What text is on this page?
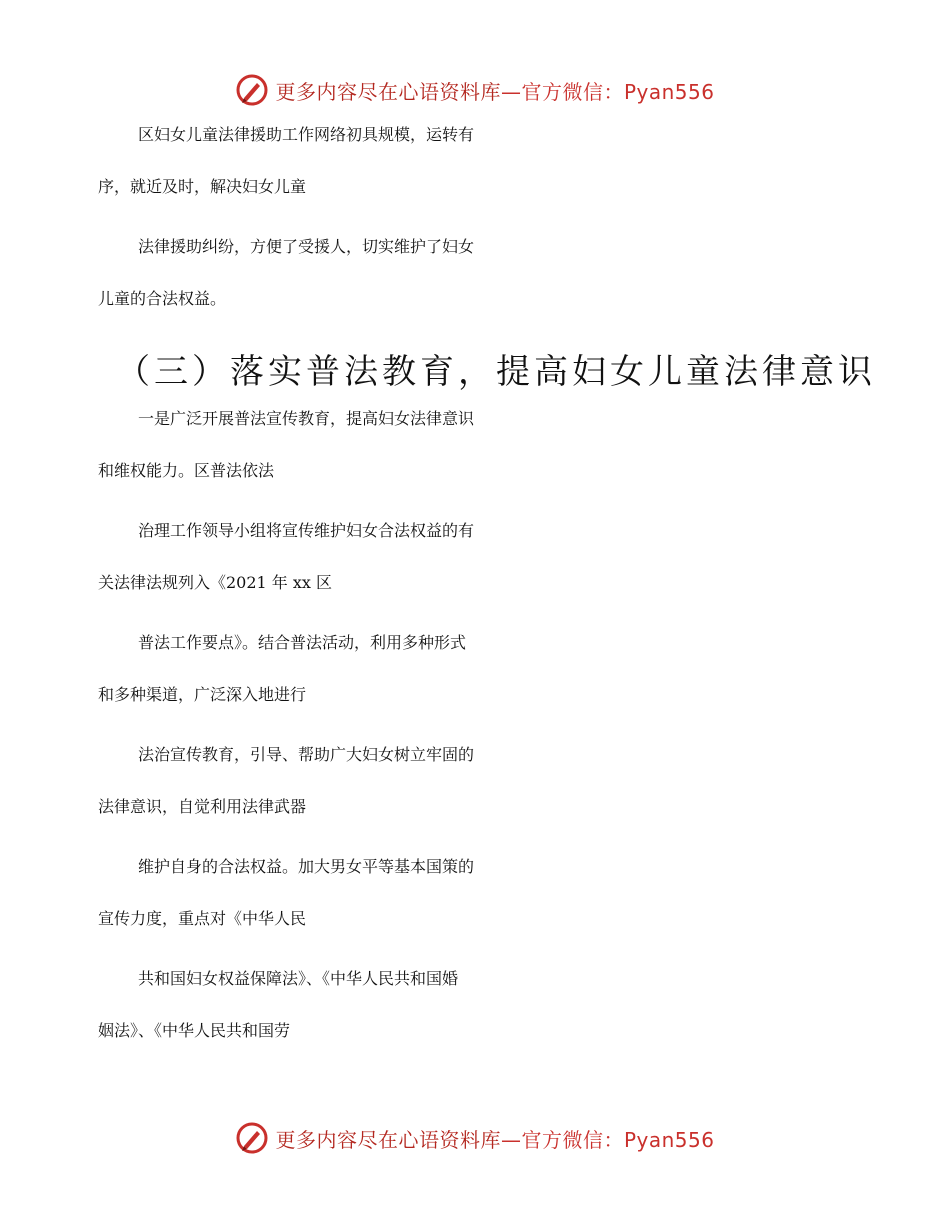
更多内容尽在心语资料库—官方微信：Pyan556
区妇女儿童法律援助工作网络初具规模，运转有
序，就近及时，解决妇女儿童
法律援助纠纷，方便了受援人，切实维护了妇女
儿童的合法权益。
（三）落实普法教育，提高妇女儿童法律意识
一是广泛开展普法宣传教育，提高妇女法律意识
和维权能力。区普法依法
治理工作领导小组将宣传维护妇女合法权益的有
关法律法规列入《2021 年 xx 区
普法工作要点》。结合普法活动，利用多种形式
和多种渠道，广泛深入地进行
法治宣传教育，引导、帮助广大妇女树立牢固的
法律意识，自觉利用法律武器
维护自身的合法权益。加大男女平等基本国策的
宣传力度，重点对《中华人民
共和国妇女权益保障法》、《中华人民共和国婚
姻法》、《中华人民共和国劳
更多内容尽在心语资料库—官方微信：Pyan556
